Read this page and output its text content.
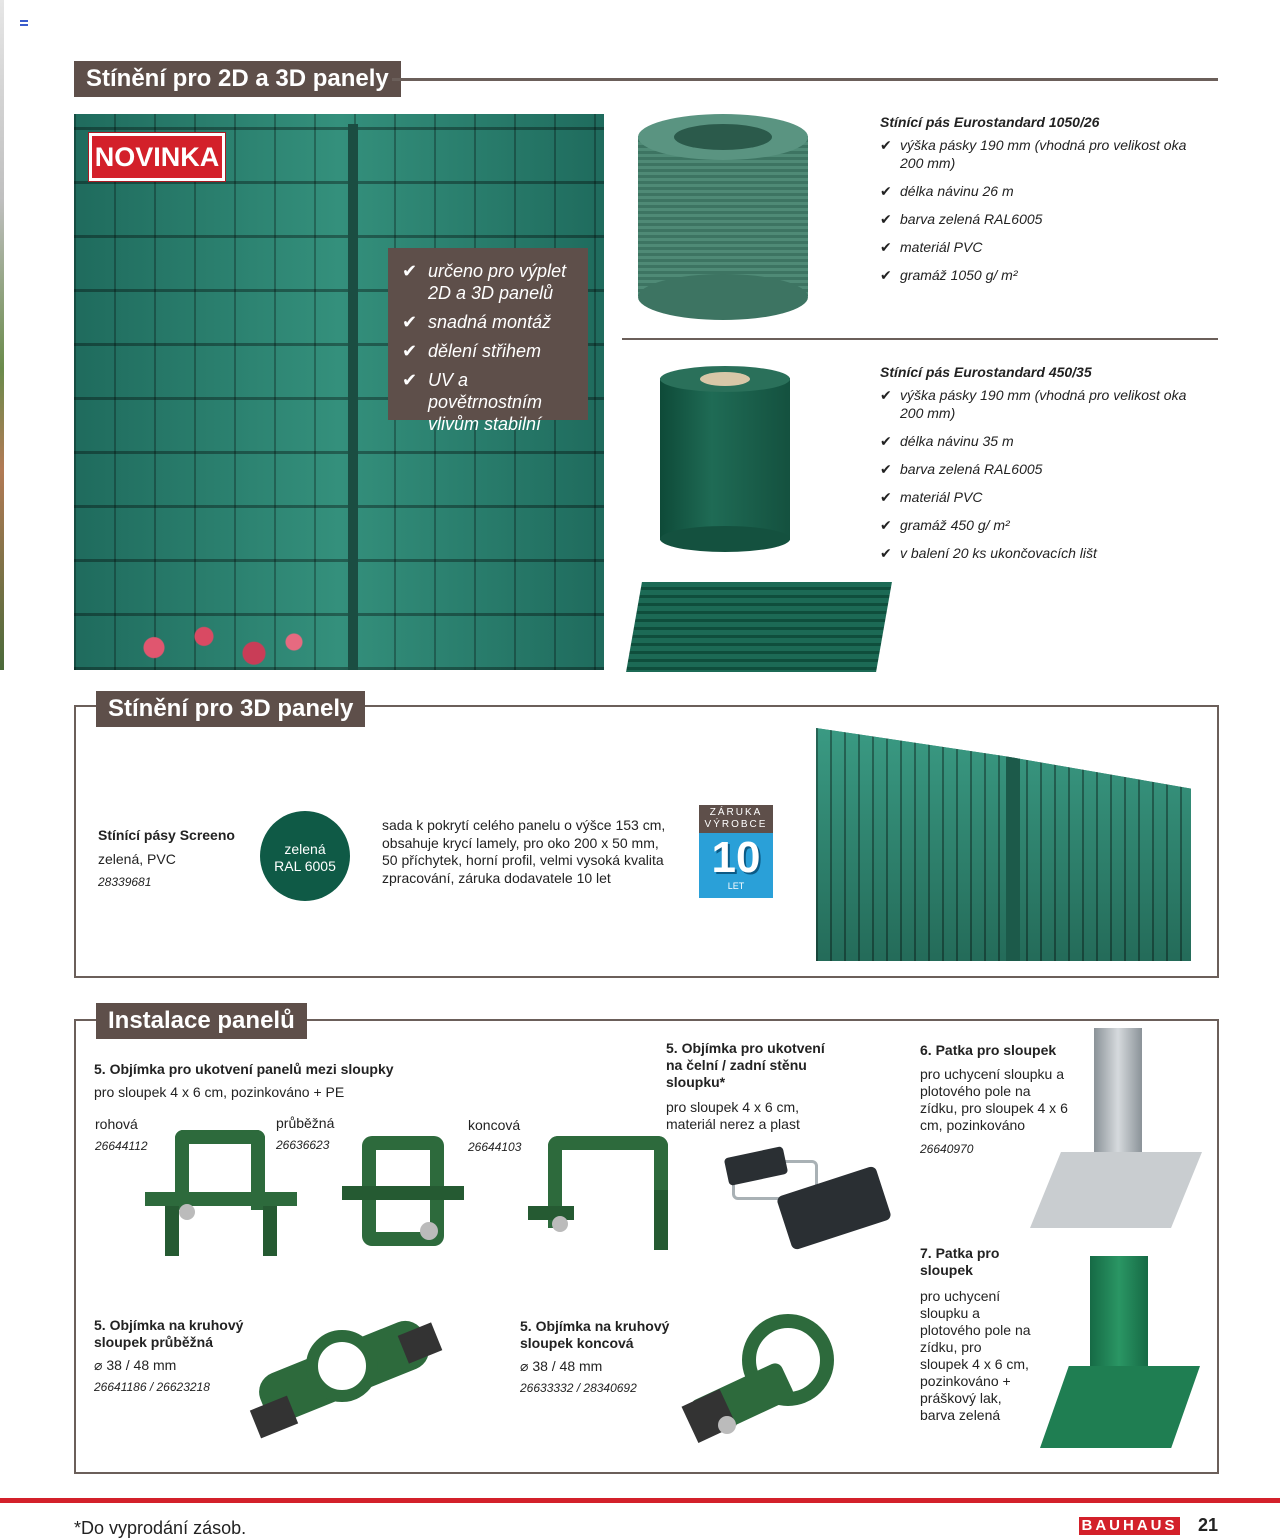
Stínění pro 2D a 3D panely
NOVINKA
✔ určeno pro výplet 2D a 3D panelů
✔ snadná montáž
✔ dělení střihem
✔ UV a povětrnostním vlivům stabilní
Stínící pás Eurostandard 1050/26
✔ výška pásky 190 mm (vhodná pro velikost oka 200 mm)
✔ délka návinu 26 m
✔ barva zelená RAL6005
✔ materiál PVC
✔ gramáž 1050 g/ m²
Stínící pás Eurostandard 450/35
✔ výška pásky 190 mm (vhodná pro velikost oka 200 mm)
✔ délka návinu 35 m
✔ barva zelená RAL6005
✔ materiál PVC
✔ gramáž 450 g/ m²
✔ v balení 20 ks ukončovacích lišt
Stínění pro 3D panely
Stínící pásy Screeno
zelená, PVC
28339681
zelená
RAL 6005
sada k pokrytí celého panelu o výšce 153 cm, obsahuje krycí lamely, pro oko 200 x 50 mm, 50 příchytek, horní profil, velmi vysoká kvalita zpracování, záruka dodavatele 10 let
ZÁRUKA
VÝROBCE
10
LET
Instalace panelů
5. Objímka pro ukotvení panelů mezi sloupky
pro sloupek 4 x 6 cm, pozinkováno + PE
rohová
26644112
průběžná
26636623
koncová
26644103
5. Objímka pro ukotvení na čelní / zadní stěnu sloupku*
pro sloupek 4 x 6 cm, materiál nerez a plast
6. Patka pro sloupek
pro uchycení sloupku a plotového pole na zídku, pro sloupek 4 x 6 cm, pozinkováno
26640970
7. Patka pro sloupek
pro uchycení sloupku a plotového pole na zídku, pro sloupek 4 x 6 cm, pozinkováno + práškový lak, barva zelená
5. Objímka na kruhový sloupek průběžná
⌀ 38 / 48 mm
26641186 / 26623218
5. Objímka na kruhový sloupek koncová
⌀ 38 / 48 mm
26633332 / 28340692
*Do vyprodání zásob.	BAUHAUS 21
